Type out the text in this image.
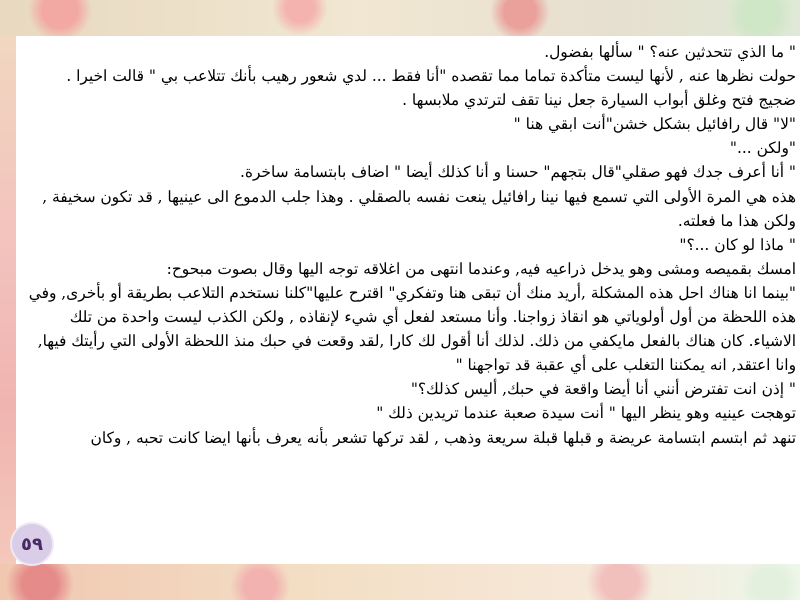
" ما الذي تتحدثين عنه؟ " سألها بفضول.

حولت نظرها عنه , لأنها ليست متأكدة تماما مما تقصده "أنا فقط ... لدي شعور رهيب بأنك تتلاعب بي " قالت اخيرا .

ضجيج فتح وغلق أبواب السيارة جعل نينا تقف لترتدي ملابسها .

"لا" قال رافائيل بشكل خشن"أنت ابقي هنا "

"ولكن ..."

" أنا أعرف جدك فهو صقلي"قال بتجهم" حسنا و أنا كذلك أيضا " اضاف بابتسامة ساخرة.

هذه هي المرة الأولى التي تسمع فيها نينا رافائيل ينعت نفسه بالصقلي . وهذا جلب الدموع الى عينيها , قد تكون سخيفة , ولكن هذا ما فعلته.

" ماذا لو كان ...؟"

امسك بقميصه ومشى وهو يدخل ذراعيه فيه, وعندما انتهى من اغلاقه توجه اليها وقال بصوت مبحوح:

"بينما انا هناك احل هذه المشكلة ,أريد منك أن تبقى هنا وتفكري" اقترح عليها"كلنا نستخدم التلاعب بطريقة أو بأخرى, وفي هذه اللحظة من أول أولوياتي هو انقاذ زواجنا. وأنا مستعد لفعل أي شيء لإنقاذه , ولكن الكذب ليست واحدة من تلك الاشياء. كان هناك بالفعل مايكفي من ذلك. لذلك أنا أقول لك كارا ,لقد وقعت في حبك منذ اللحظة الأولى التي رأيتك فيها, وانا اعتقد, انه يمكننا التغلب على أي عقبة قد تواجهنا "

" إذن انت تفترض أنني أنا أيضا واقعة في حبك, أليس كذلك؟"

توهجت عينيه وهو ينظر اليها " أنت سيدة صعبة عندما تريدين ذلك "

تنهد ثم ابتسم ابتسامة عريضة و قبلها قبلة سريعة وذهب , لقد تركها تشعر بأنه يعرف بأنها ايضا كانت تحبه , وكان

٥٩
